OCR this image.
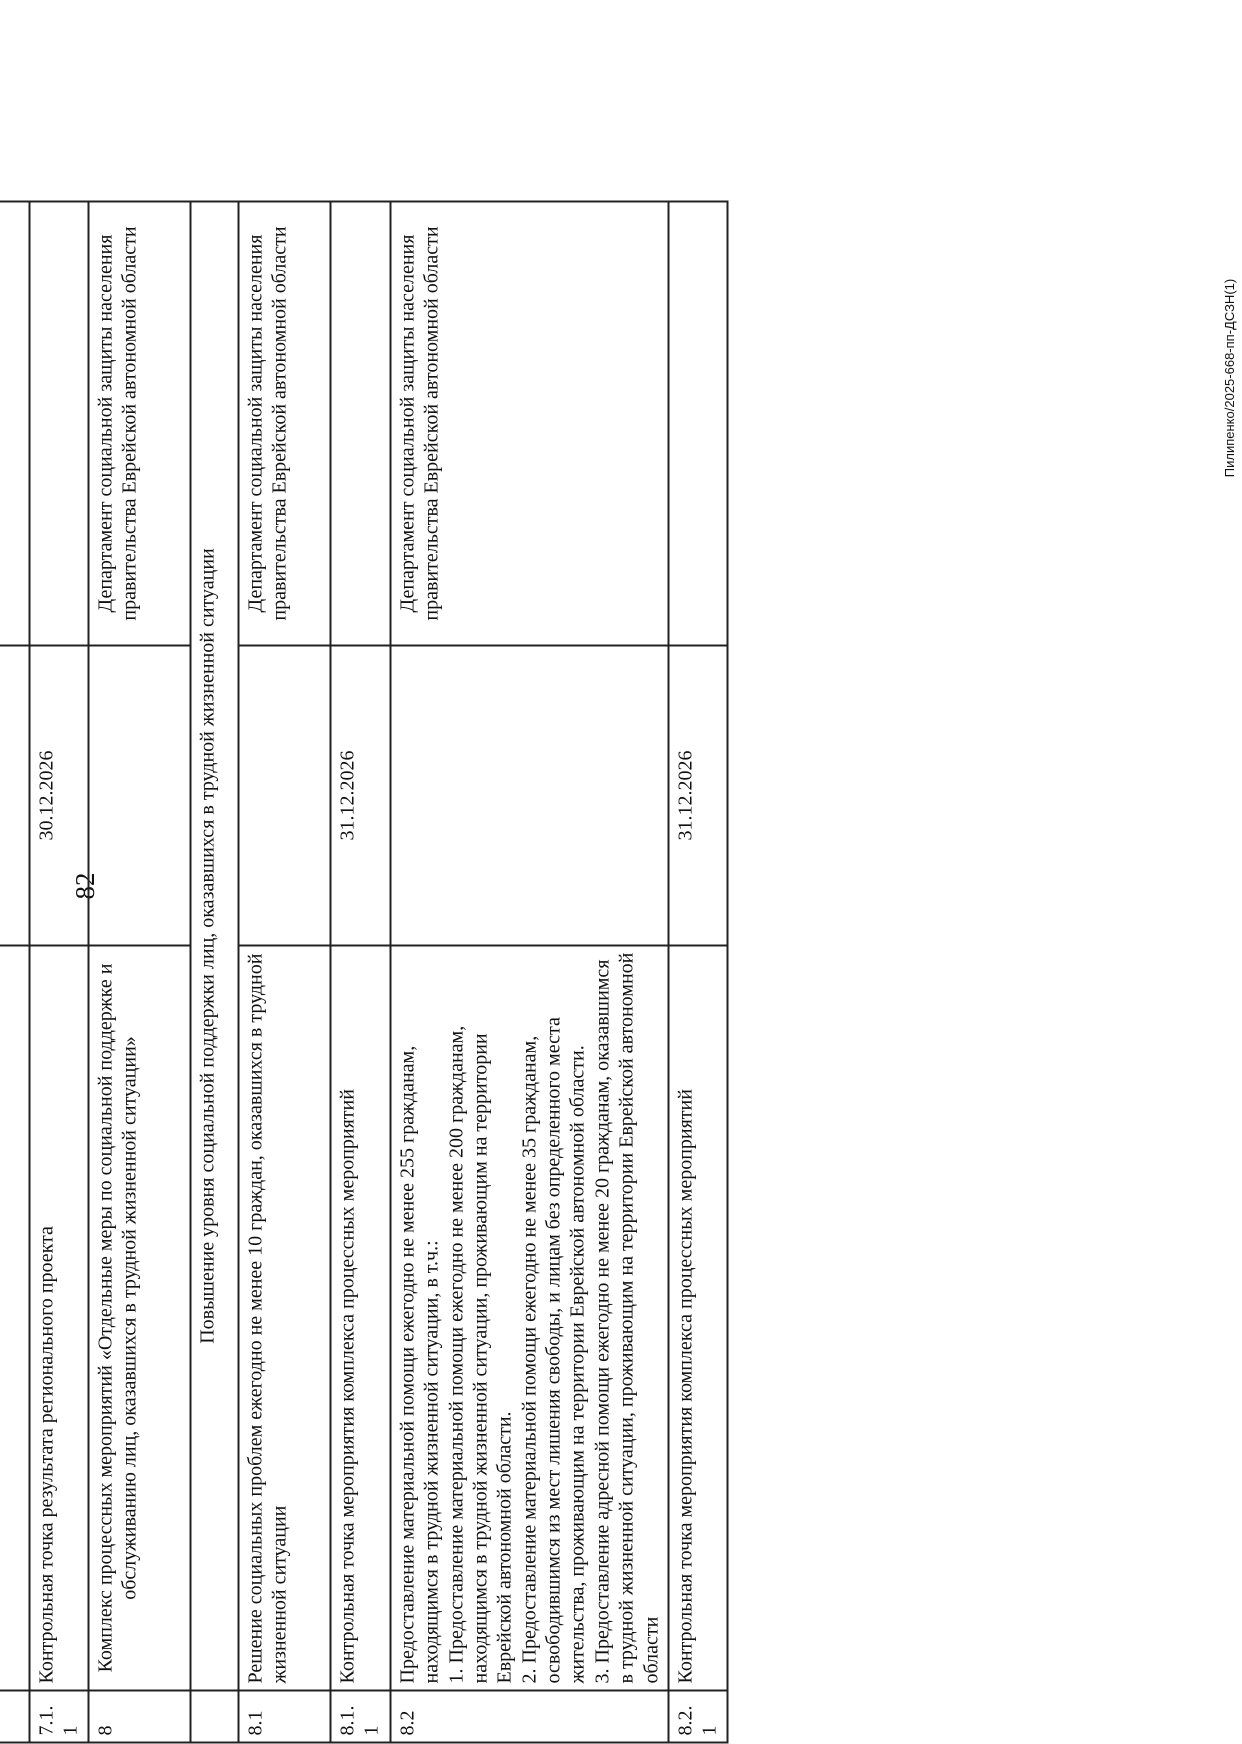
82

7.1.1	Контрольная точка результата регионального проекта	30.12.2026	
8	Комплекс процессных мероприятий «Отдельные меры по социальной поддержке и обслуживанию лиц, оказавшихся в трудной жизненной ситуации»		Департамент социальной защиты населения правительства Еврейской автономной области
	Повышение уровня социальной поддержки лиц, оказавшихся в трудной жизненной ситуации		
8.1	Решение социальных проблем ежегодно не менее 10 граждан, оказавшихся в трудной жизненной ситуации		Департамент социальной защиты населения правительства Еврейской автономной области
8.1.1	Контрольная точка мероприятия комплекса процессных мероприятий	31.12.2026	
8.2	Предоставление материальной помощи ежегодно не менее 255 гражданам, находящимся в трудной жизненной ситуации, в т.ч.:
1. Предоставление материальной помощи ежегодно не менее 200 гражданам, находящимся в трудной жизненной ситуации, проживающим на территории Еврейской автономной области.
2. Предоставление материальной помощи ежегодно не менее 35 гражданам, освободившимся из мест лишения свободы, и лицам без определенного места жительства, проживающим на территории Еврейской автономной области.
3. Предоставление адресной помощи ежегодно не менее 20 гражданам, оказавшимся в трудной жизненной ситуации, проживающим на территории Еврейской автономной области		Департамент социальной защиты населения правительства Еврейской автономной области
8.2.1	Контрольная точка мероприятия комплекса процессных мероприятий	31.12.2026	
Пилипенко/2025-668-пп-ДСЗН(1)
